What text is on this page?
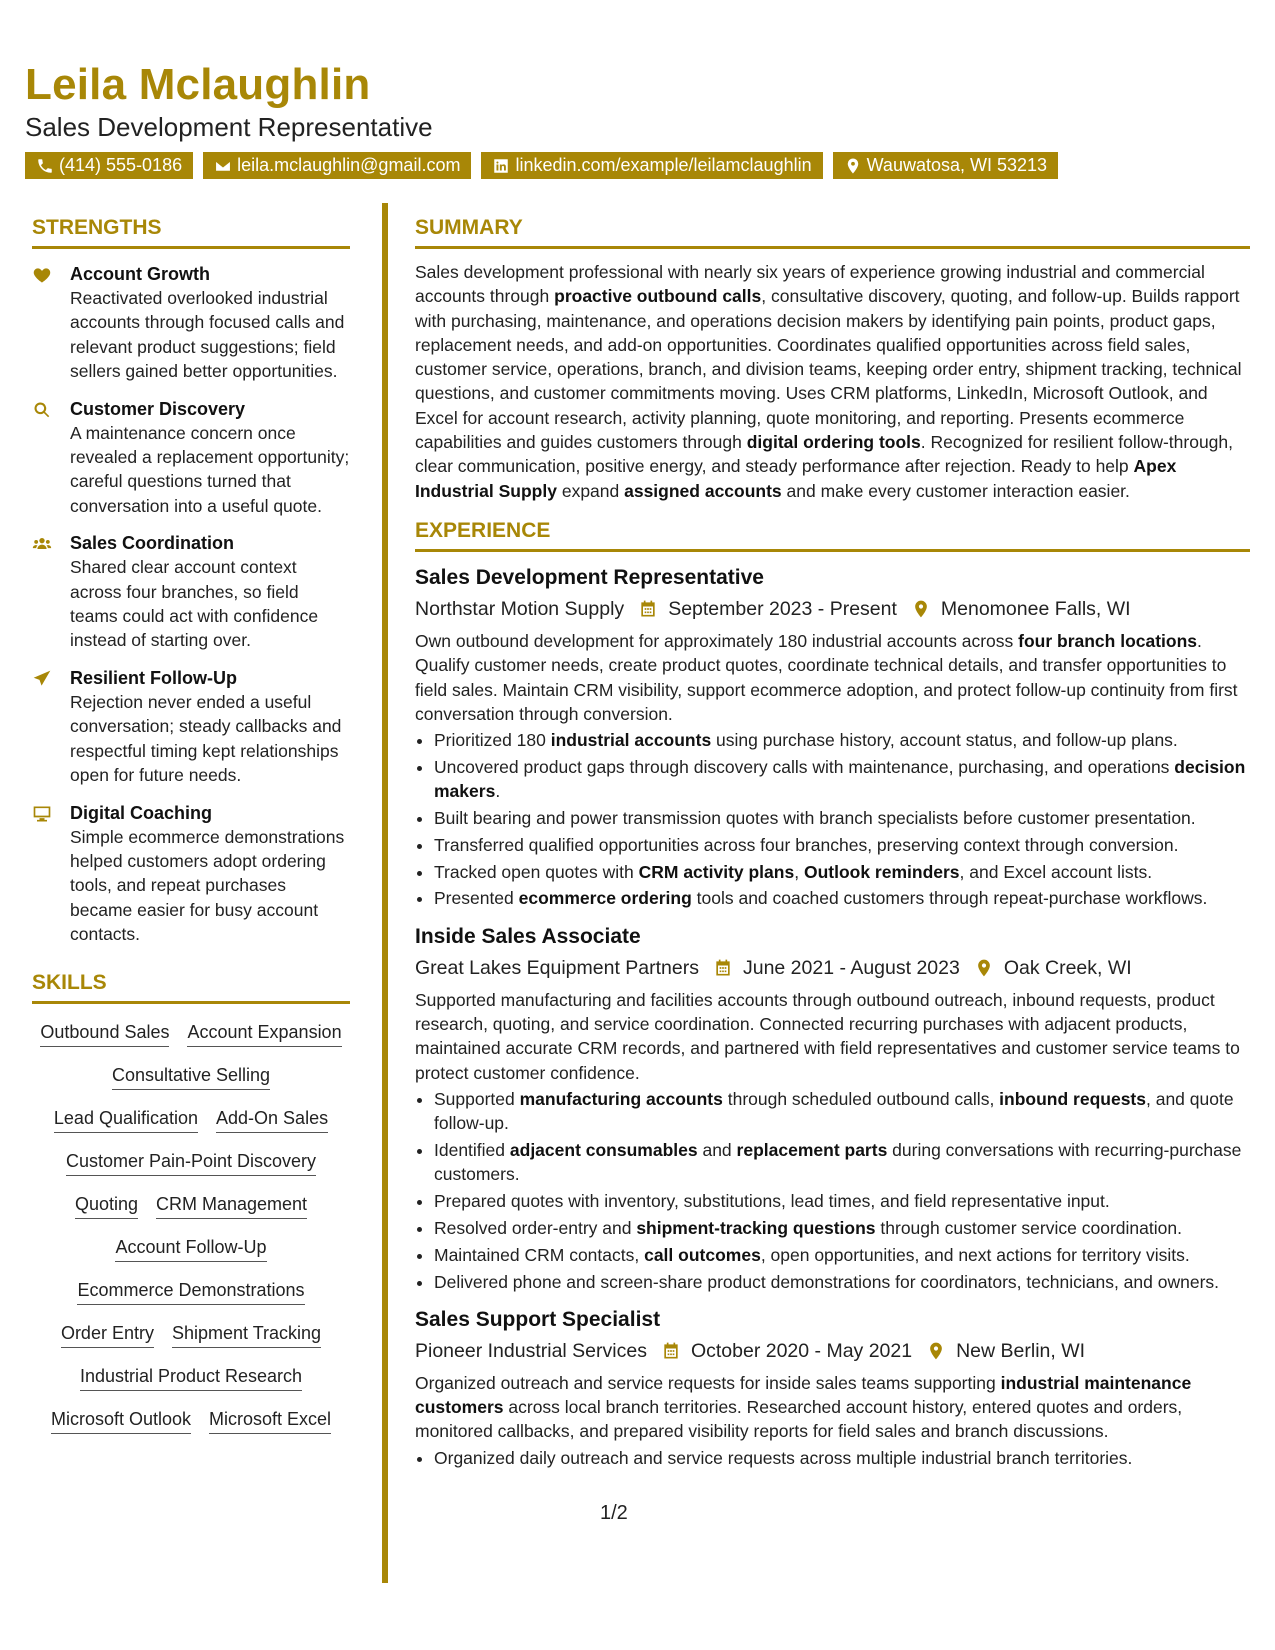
Leila Mclaughlin
Sales Development Representative
(414) 555-0186	leila.mclaughlin@gmail.com	linkedin.com/example/leilamclaughlin	Wauwatosa, WI 53213
STRENGTHS
Account Growth
Reactivated overlooked industrial accounts through focused calls and relevant product suggestions; field sellers gained better opportunities.
Customer Discovery
A maintenance concern once revealed a replacement opportunity; careful questions turned that conversation into a useful quote.
Sales Coordination
Shared clear account context across four branches, so field teams could act with confidence instead of starting over.
Resilient Follow-Up
Rejection never ended a useful conversation; steady callbacks and respectful timing kept relationships open for future needs.
Digital Coaching
Simple ecommerce demonstrations helped customers adopt ordering tools, and repeat purchases became easier for busy account contacts.
SKILLS
Outbound Sales Account Expansion
Consultative Selling
Lead Qualification Add-On Sales
Customer Pain-Point Discovery
Quoting CRM Management
Account Follow-Up
Ecommerce Demonstrations
Order Entry Shipment Tracking
Industrial Product Research
Microsoft Outlook Microsoft Excel
SUMMARY

Sales development professional with nearly six years of experience growing industrial and commercial accounts through proactive outbound calls, consultative discovery, quoting, and follow-up. Builds rapport with purchasing, maintenance, and operations decision makers by identifying pain points, product gaps, replacement needs, and add-on opportunities. Coordinates qualified opportunities across field sales, customer service, operations, branch, and division teams, keeping order entry, shipment tracking, technical questions, and customer commitments moving. Uses CRM platforms, LinkedIn, Microsoft Outlook, and Excel for account research, activity planning, quote monitoring, and reporting. Presents ecommerce capabilities and guides customers through digital ordering tools. Recognized for resilient follow-through, clear communication, positive energy, and steady performance after rejection. Ready to help Apex Industrial Supply expand assigned accounts and make every customer interaction easier.

EXPERIENCE
Sales Development Representative
Northstar Motion Supply September 2023 - Present Menomonee Falls, WI

Own outbound development for approximately 180 industrial accounts across four branch locations. Qualify customer needs, create product quotes, coordinate technical details, and transfer opportunities to field sales. Maintain CRM visibility, support ecommerce adoption, and protect follow-up continuity from first conversation through conversion.

• Prioritized 180 industrial accounts using purchase history, account status, and follow-up plans.
• Uncovered product gaps through discovery calls with maintenance, purchasing, and operations decision makers.
• Built bearing and power transmission quotes with branch specialists before customer presentation.
• Transferred qualified opportunities across four branches, preserving context through conversion.
• Tracked open quotes with CRM activity plans, Outlook reminders, and Excel account lists.
• Presented ecommerce ordering tools and coached customers through repeat-purchase workflows.
Inside Sales Associate
Great Lakes Equipment Partners June 2021 - August 2023 Oak Creek, WI

Supported manufacturing and facilities accounts through outbound outreach, inbound requests, product research, quoting, and service coordination. Connected recurring purchases with adjacent products, maintained accurate CRM records, and partnered with field representatives and customer service teams to protect customer confidence.

• Supported manufacturing accounts through scheduled outbound calls, inbound requests, and quote follow-up.
• Identified adjacent consumables and replacement parts during conversations with recurring-purchase customers.
• Prepared quotes with inventory, substitutions, lead times, and field representative input.
• Resolved order-entry and shipment-tracking questions through customer service coordination.
• Maintained CRM contacts, call outcomes, open opportunities, and next actions for territory visits.
• Delivered phone and screen-share product demonstrations for coordinators, technicians, and owners.
Sales Support Specialist
Pioneer Industrial Services October 2020 - May 2021 New Berlin, WI

Organized outreach and service requests for inside sales teams supporting industrial maintenance customers across local branch territories. Researched account history, entered quotes and orders, monitored callbacks, and prepared visibility reports for field sales and branch discussions.

• Organized daily outreach and service requests across multiple industrial branch territories.
1/2
